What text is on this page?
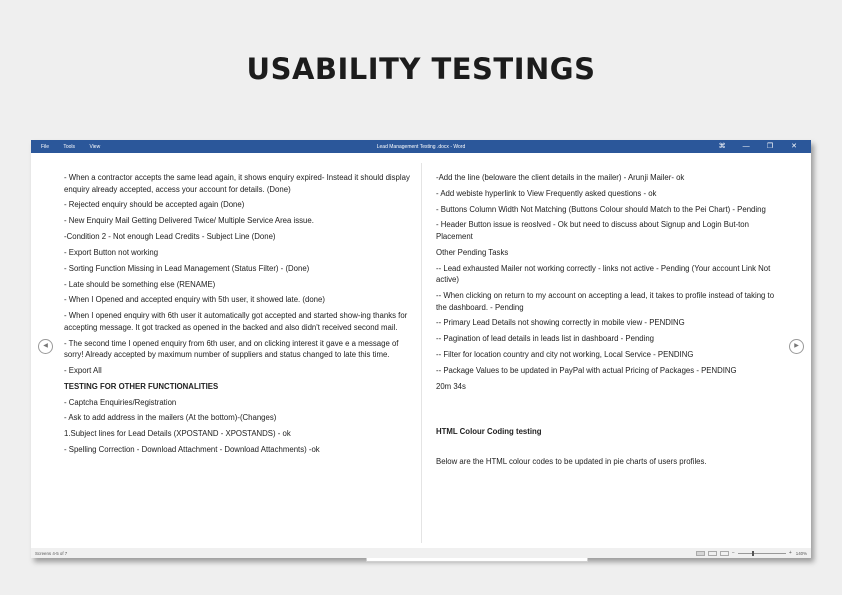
USABILITY TESTINGS
Lead Management Testing .docx - Word
File	Tools	View	⌘ — ❐	✕

- When a contractor accepts the same lead again, it shows enquiry expired- Instead it should display enquiry already accepted, access your account for details. (Done)

- Rejected enquiry should be accepted again (Done)

- New Enquiry Mail Getting Delivered Twice/ Multiple Service Area issue.

-Condition 2 - Not enough Lead Credits - Subject Line (Done)

- Export Button not working

- Sorting Function Missing in Lead Management (Status Filter) - (Done)

- Late should be something else (RENAME)

- When I Opened and accepted enquiry with 5th user, it showed late. (done)

- When I opened enquiry with 6th user it automatically got accepted and started show-ing thanks for accepting message. It got tracked as opened in the backed and also didn't received second mail.

- The second time I opened enquiry from 6th user, and on clicking interest it gave e a message of sorry! Already accepted by maximum number of suppliers and status changed to late this time.

- Export All

TESTING FOR OTHER FUNCTIONALITIES

- Captcha Enquiries/Registration

- Ask to add address in the mailers (At the bottom)-(Changes)

1.Subject lines for Lead Details (XPOSTAND - XPOSTANDS) - ok

- Spelling Correction - Download Attachment - Download Attachments) -ok

-Add the line (beloware the client details in the mailer) - Arunji Mailer- ok

- Add webiste hyperlink to View Frequently asked questions - ok

- Buttons Column Width Not Matching (Buttons Colour should Match to the Pei Chart) - Pending

- Header Button issue is reoslved - Ok but need to discuss about Signup and Login But-ton Placement

Other Pending Tasks

-- Lead exhausted Mailer not working correctly - links not active - Pending (Your account Link Not active)

-- When clicking on return to my account on accepting a lead, it takes to profile instead of taking to the dashboard. - Pending

-- Primary Lead Details not showing correctly in mobile view - PENDING

-- Pagination of lead details in leads list in dashboard - Pending

-- Filter for location country and city not working, Local Service - PENDING

-- Package Values to be updated in PayPal with actual Pricing of Packages - PENDING

20m 34s

HTML Colour Coding testing

Below are the HTML colour codes to be updated in pie charts of users profiles.

◀	▶
Screens 4-5 of 7	−	+ 140%
